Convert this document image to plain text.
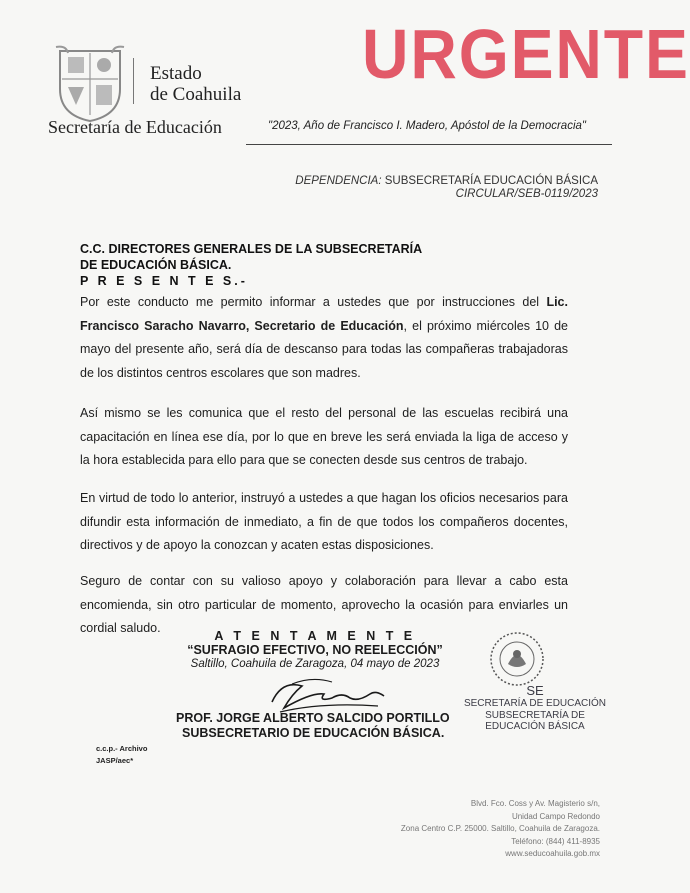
Estado
de Coahuila
Secretaría de Educación
URGENTE
"2023, Año de Francisco I. Madero, Apóstol de la Democracia"
DEPENDENCIA: SUBSECRETARÍA EDUCACIÓN BÁSICA
CIRCULAR/SEB-0119/2023
C.C. DIRECTORES GENERALES DE LA SUBSECRETARÍA
DE EDUCACIÓN BÁSICA.
P R E S E N T E S.-
Por este conducto me permito informar a ustedes que por instrucciones del Lic. Francisco Saracho Navarro, Secretario de Educación, el próximo miércoles 10 de mayo del presente año, será día de descanso para todas las compañeras trabajadoras de los distintos centros escolares que son madres.
Así mismo se les comunica que el resto del personal de las escuelas recibirá una capacitación en línea ese día, por lo que en breve les será enviada la liga de acceso y la hora establecida para ello para que se conecten desde sus centros de trabajo.
En virtud de todo lo anterior, instruyó a ustedes a que hagan los oficios necesarios para difundir esta información de inmediato, a fin de que todos los compañeros docentes, directivos y de apoyo la conozcan y acaten estas disposiciones.
Seguro de contar con su valioso apoyo y colaboración para llevar a cabo esta encomienda, sin otro particular de momento, aprovecho la ocasión para enviarles un cordial saludo.
A T E N T A M E N T E
“SUFRAGIO EFECTIVO, NO REELECCIÓN”
Saltillo, Coahuila de Zaragoza, 04 mayo de 2023
PROF. JORGE ALBERTO SALCIDO PORTILLO
SUBSECRETARIO DE EDUCACIÓN BÁSICA.
SE
SECRETARÍA DE EDUCACIÓN
SUBSECRETARÍA DE EDUCACIÓN BÁSICA
c.c.p.- Archivo
JASP/aec*
Blvd. Fco. Coss y Av. Magisterio s/n,
Unidad Campo Redondo
Zona Centro C.P. 25000. Saltillo, Coahuila de Zaragoza.
Teléfono: (844) 411-8935
www.seducoahuila.gob.mx
